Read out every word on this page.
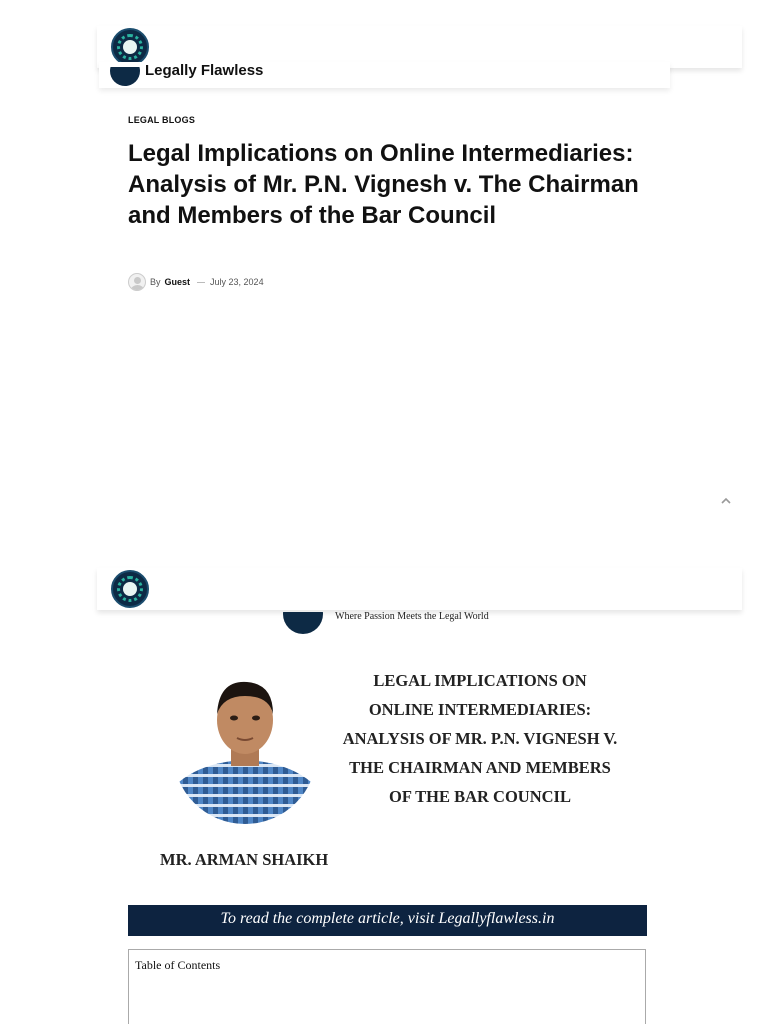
Legally Flawless
LEGAL BLOGS
Legal Implications on Online Intermediaries: Analysis of Mr. P.N. Vignesh v. The Chairman and Members of the Bar Council
By Guest July 23, 2024
Where Passion Meets the Legal World
LEGAL IMPLICATIONS ON ONLINE INTERMEDIARIES: ANALYSIS OF MR. P.N. VIGNESH V. THE CHAIRMAN AND MEMBERS OF THE BAR COUNCIL
MR. ARMAN SHAIKH
To read the complete article, visit Legallyflawless.in
Table of Contents
